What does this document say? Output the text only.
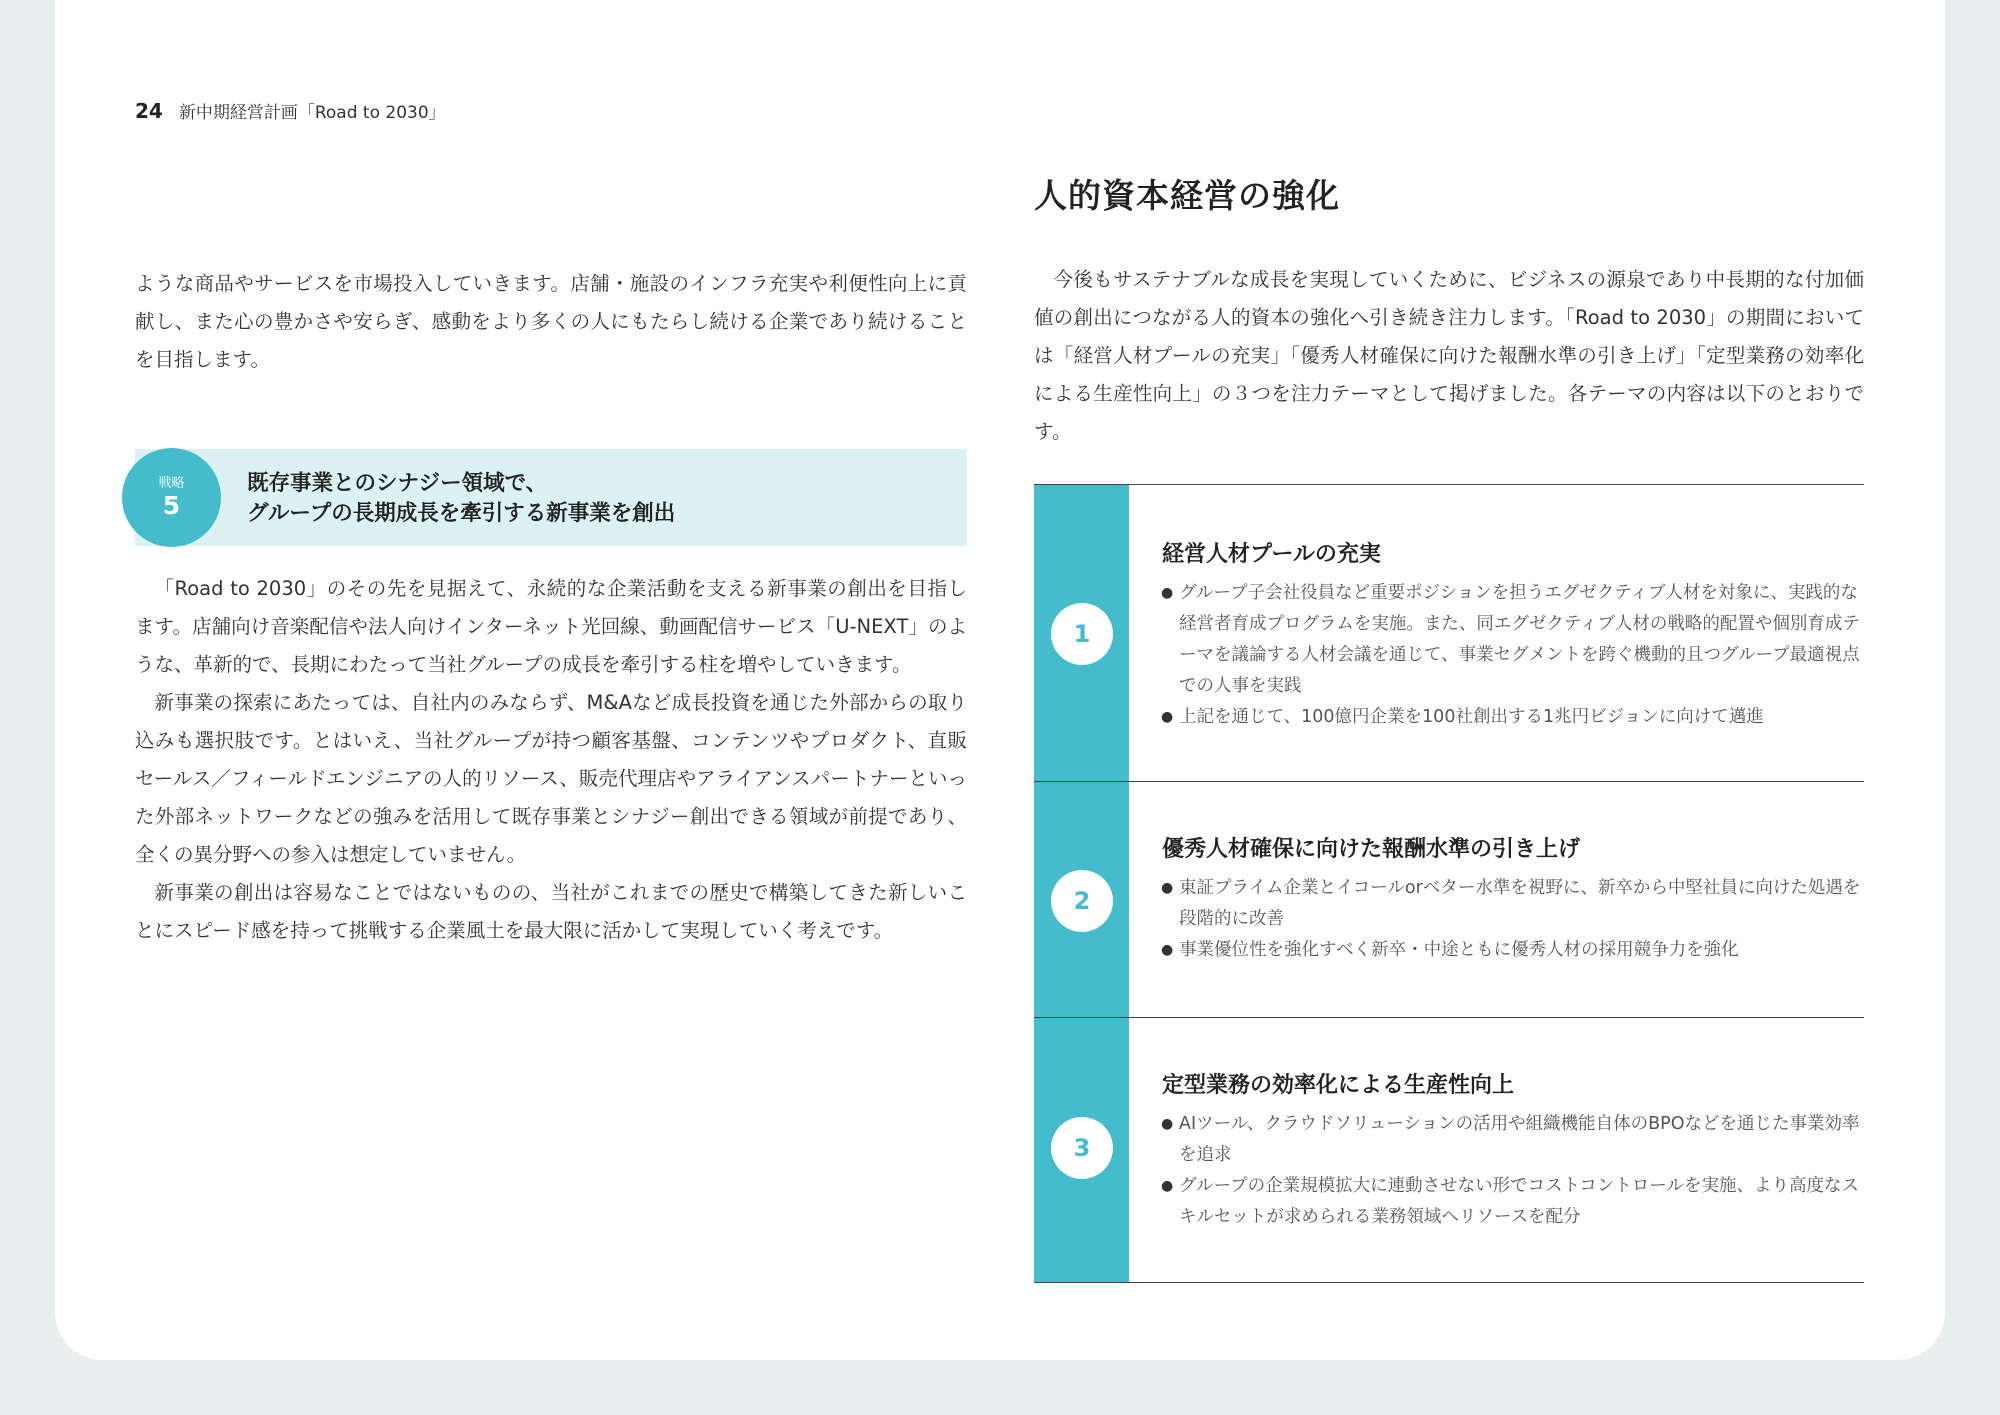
24 新中期経営計画「Road to 2030」

ような商品やサービスを市場投入していきます。店舗・施設のインフラ充実や利便性向上に貢献し、また心の豊かさや安らぎ、感動をより多くの人にもたらし続ける企業であり続けることを目指します。

戦略
5
既存事業とのシナジー領域で、
グループの長期成長を牽引する新事業を創出

「Road to 2030」のその先を見据えて、永続的な企業活動を支える新事業の創出を目指します。店舗向け音楽配信や法人向けインターネット光回線、動画配信サービス「U-NEXT」のような、革新的で、長期にわたって当社グループの成長を牽引する柱を増やしていきます。

新事業の探索にあたっては、自社内のみならず、M&Aなど成長投資を通じた外部からの取り込みも選択肢です。とはいえ、当社グループが持つ顧客基盤、コンテンツやプロダクト、直販セールス／フィールドエンジニアの人的リソース、販売代理店やアライアンスパートナーといった外部ネットワークなどの強みを活用して既存事業とシナジー創出できる領域が前提であり、全くの異分野への参入は想定していません。

新事業の創出は容易なことではないものの、当社がこれまでの歴史で構築してきた新しいことにスピード感を持って挑戦する企業風土を最大限に活かして実現していく考えです。

人的資本経営の強化

今後もサステナブルな成長を実現していくために、ビジネスの源泉であり中長期的な付加価値の創出につながる人的資本の強化へ引き続き注力します。「Road to 2030」の期間においては「経営人材プールの充実」「優秀人材確保に向けた報酬水準の引き上げ」「定型業務の効率化による生産性向上」の３つを注力テーマとして掲げました。各テーマの内容は以下のとおりです。

1
経営人材プールの充実
● グループ子会社役員など重要ポジションを担うエグゼクティブ人材を対象に、実践的な経営者育成プログラムを実施。また、同エグゼクティブ人材の戦略的配置や個別育成テーマを議論する人材会議を通じて、事業セグメントを跨ぐ機動的且つグループ最適視点での人事を実践
● 上記を通じて、100億円企業を100社創出する1兆円ビジョンに向けて邁進
2
優秀人材確保に向けた報酬水準の引き上げ
● 東証プライム企業とイコールorベター水準を視野に、新卒から中堅社員に向けた処遇を段階的に改善
● 事業優位性を強化すべく新卒・中途ともに優秀人材の採用競争力を強化
3
定型業務の効率化による生産性向上
● AIツール、クラウドソリューションの活用や組織機能自体のBPOなどを通じた事業効率を追求
● グループの企業規模拡大に連動させない形でコストコントロールを実施、より高度なスキルセットが求められる業務領域へリソースを配分
